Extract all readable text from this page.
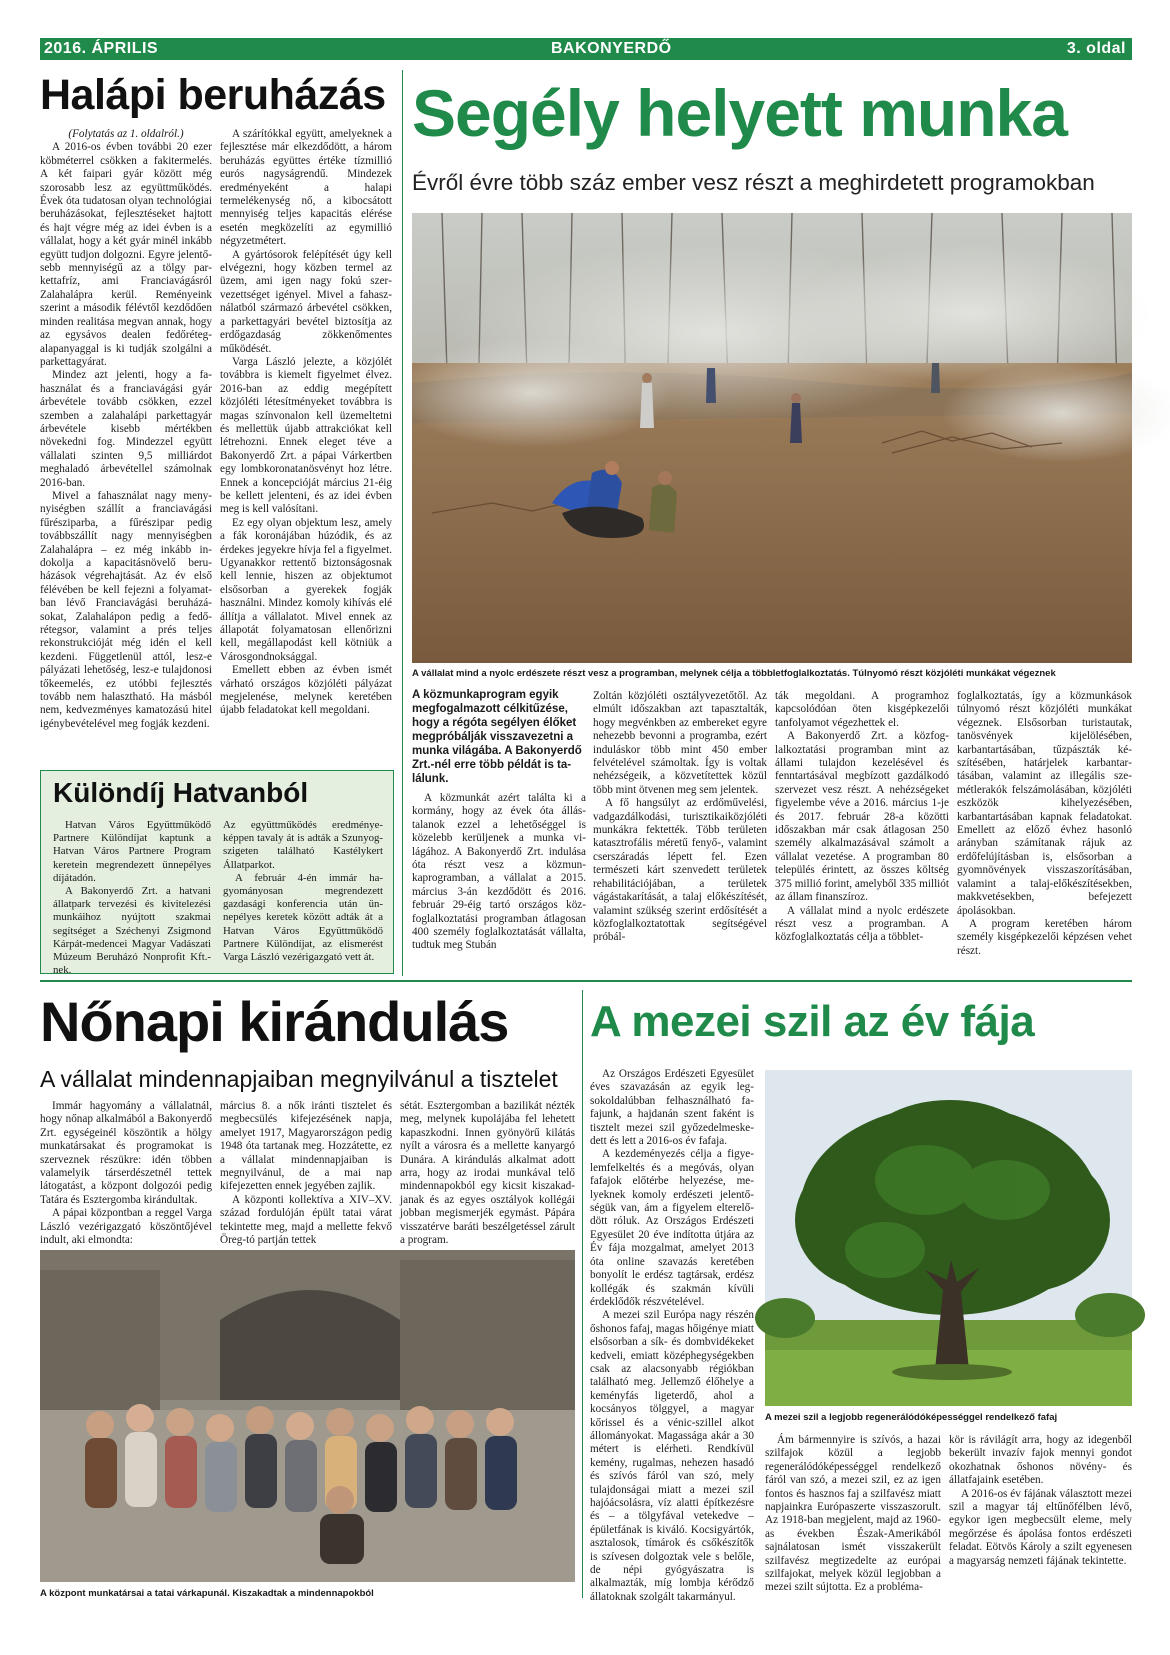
2016. ÁPRILIS	BAKONYERDŐ	3. oldal
Halápi beruházás

(Folytatás az 1. oldalról.)

A 2016-os évben további 20 ezer köbméterrel csökken a fakitermelés. A két faipari gyár között még szorosabb lesz az együttműködés. Évek óta tudatosan olyan technológiai beruházásokat, fejlesztéseket hajtott és hajt végre még az idei évben is a vállalat, hogy a két gyár minél inkább együtt tudjon dolgozni. Egyre jelentősebb mennyiségű az a tölgy parkettafríz, ami Franciavágásról Zalahalápra kerül. Reményeink szerint a második félévtől kezdődően minden realitása megvan annak, hogy az egysávos dealen fedőréteg-alapanyaggal is ki tudják szolgálni a parkettagyárat.

Mindez azt jelenti, hogy a fahasználat és a franciavágási gyár árbevétele tovább csökken, ezzel szemben a zalahalápi parkettagyár árbevétele kisebb mértékben növekedni fog. Mindezzel együtt vállalati szinten 9,5 milliárdot meghaladó árbevétellel számolnak 2016-ban.

Mivel a fahasználat nagy menynyiségben szállít a franciavágási fűrésziparba, a fűrészipar pedig továbbszállít nagy mennyiségben Zalahalápra – ez még inkább indokolja a kapacitásnövelő beruházások végrehajtását. Az év első félévében be kell fejezni a folyamatban lévő Franciavágási beruházásokat, Zalahalápon pedig a fedőrétegsor, valamint a prés teljes rekonstrukcióját még idén el kell kezdeni. Függetlenül attól, lesz-e pályázati lehetőség, lesz-e tulajdonosi tőkeemelés, ez utóbbi fejlesztés tovább nem halasztható. Ha másból nem, kedvezményes kamatozású hitel igénybevételével meg fogják kezdeni.

A szárítókkal együtt, amelyeknek a fejlesztése már elkezdődött, a három beruházás együttes értéke tízmillió eurós nagyságrendű. Mindezek eredményeként a halapi termelékenység nő, a kibocsátott mennyiség teljes kapacitás elérése esetén megközelíti az egymillió négyzetmétert.

A gyártósorok felépítését úgy kell elvégezni, hogy közben termel az üzem, ami igen nagy fokú szervezettséget igényel. Mivel a fahasználatból származó árbevétel csökken, a parkettagyári bevétel biztosítja az erdőgazdaság zökkenőmentes működését.

Varga László jelezte, a közjólét továbbra is kiemelt figyelmet élvez. 2016-ban az eddig megépített közjóléti létesítményeket továbbra is magas színvonalon kell üzemeltetni és mellettük újabb attrakciókat kell létrehozni. Ennek eleget téve a Bakonyerdő Zrt. a pápai Várkertben egy lombkoronatanösvényt hoz létre. Ennek a koncepcióját március 21-éig be kellett jelenteni, és az idei évben meg is kell valósítani.

Ez egy olyan objektum lesz, amely a fák koronájában húzódik, és az érdekes jegyekre hívja fel a figyelmet. Ugyanakkor rettentő biztonságosnak kell lennie, hiszen az objektumot elsősorban a gyerekek fogják használni. Mindez komoly kihívás elé állítja a vállalatot. Mivel ennek az állapotát folyamatosan ellenőrizni kell, megállapodást kell kötniük a Városgondnoksággal.

Emellett ebben az évben ismét várható országos közjóléti pályázat megjelenése, melynek keretében újabb feladatokat kell megoldani.

Különdíj Hatvanból

Hatvan Város Együttműködő Partnere Különdíjat kaptunk a Hatvan Város Partnere Program keretein megrendezett ünnepélyes díjátadón.

A Bakonyerdő Zrt. a hatvani állatpark tervezési és kivitelezési munkáihoz nyújtott szakmai segítséget a Széchenyi Zsigmond Kárpát-medencei Magyar Vadászati Múzeum Beruházó Nonprofit Kft.-nek.

Az együttműködés eredményeképpen tavaly át is adták a Szunyog-szigeten található Kastélykert Állatparkot.

A február 4-én immár hagyományosan megrendezett gazdasági konferencia után ünnepélyes keretek között adták át a Hatvan Város Együttműködő Partnere Különdíjat, az elismerést Varga László vezérigazgató vett át.

Segély helyett munka
Évről évre több száz ember vesz részt a meghirdetett programokban
A vállalat mind a nyolc erdészete részt vesz a programban, melynek célja a többletfoglalkoztatás. Túlnyomó részt közjóléti munkákat végeznek

A közmunkaprogram egyik megfogalmazott célkitűzése, hogy a régóta segélyen élőket megpróbálják visszavezetni a munka világába. A Bakonyerdő Zrt.-nél erre több példát is találunk.

A közmunkát azért találta ki a kormány, hogy az évek óta állástalanok ezzel a lehetőséggel is közelebb kerüljenek a munka világához. A Bakonyerdő Zrt. indulása óta részt vesz a közmunkaprogramban, a vállalat a 2015. március 3-án kezdődött és 2016. február 29-éig tartó országos közfoglalkoztatási programban átlagosan 400 személy foglalkoztatását vállalta, tudtuk meg Stubán

Zoltán közjóléti osztályvezetőtől. Az elmúlt időszakban azt tapasztalták, hogy megvénkben az embereket egyre nehezebb bevonni a programba, ezért induláskor több mint 450 ember felvételével számoltak. Így is voltak nehézségeik, a közvetítettek közül több mint ötvenen meg sem jelentek.

A fő hangsúlyt az erdőművelési, vadgazdálkodási, turisztikaiközjóléti munkákra fektették. Több területen katasztrofális méretű fenyő-, valamint cserszáradás lépett fel. Ezen természeti kárt szenvedett területek rehabilitációjában, a területek vágástakarítását, a talaj előkészítését, valamint szükség szerint erdősítését a közfoglalkoztatottak segítségével próbál-

ták megoldani. A programhoz kapcsolódóan öten kisgépkezelői tanfolyamot végezhettek el.

A Bakonyerdő Zrt. a közfoglalkoztatási programban mint az állami tulajdon kezelésével és fenntartásával megbízott gazdálkodó szervezet vesz részt. A nehézségeket figyelembe véve a 2016. március 1-je és 2017. február 28-a közötti időszakban már csak átlagosan 250 személy alkalmazásával számolt a vállalat vezetése. A programban 80 település érintett, az összes költség 375 millió forint, amelyből 335 milliót az állam finanszíroz.

A vállalat mind a nyolc erdészete részt vesz a programban. A közfoglalkoztatás célja a többlet-

foglalkoztatás, így a közmunkások túlnyomó részt közjóléti munkákat végeznek. Elsősorban turistautak, tanösvények kijelölésében, karbantartásában, tűzpászták készítésében, határjelek karbantartásában, valamint az illegális szemétlerakók felszámolásában, közjóléti eszközök kihelyezésében, karbantartásában kapnak feladatokat. Emellett az előző évhez hasonló arányban számítanak rájuk az erdőfelújításban is, elsősorban a gyomnövények visszaszorításában, valamint a talaj-előkészítésekben, makkvetésekben, befejezett ápolásokban.

A program keretében három személy kisgépkezelői képzésen vehet részt.

Nőnapi kirándulás
A vállalat mindennapjaiban megnyilvánul a tisztelet

Immár hagyomány a vállalatnál, hogy nőnap alkalmából a Bakonyerdő Zrt. egységeinél köszöntik a hölgy munkatársakat és programokat is szerveznek részükre: idén többen valamelyik társerdészetnél tettek látogatást, a központ dolgozói pedig Tatára és Esztergomba kirándultak.

A pápai központban a reggel Varga László vezérigazgató köszöntőjével indult, aki elmondta:

március 8. a nők iránti tisztelet és megbecsülés kifejezésének napja, amelyet 1917, Magyarországon pedig 1948 óta tartanak meg. Hozzátette, ez a vállalat mindennapjaiban is megnyilvánul, de a mai nap kifejezetten ennek jegyében zajlik.

A központi kollektíva a XIV–XV. század fordulóján épült tatai várat tekintette meg, majd a mellette fekvő Öreg-tó partján tettek

sétát. Esztergomban a bazilikát nézték meg, melynek kupolájába fel lehetett kapaszkodni. Innen gyönyörű kilátás nyílt a városra és a mellette kanyargó Dunára. A kirándulás alkalmat adott arra, hogy az irodai munkával telő mindennapokból egy kicsit kiszakadjanak és az egyes osztályok kollégái jobban megismerjék egymást. Pápára visszatérve baráti beszélgetéssel zárult a program.

A központ munkatársai a tatai várkapunál. Kiszakadtak a mindennapokból
A mezei szil az év fája

Az Országos Erdészeti Egyesület éves szavazásán az egyik legsokoldalúbban felhasználható fafajunk, a hajdanán szent faként is tisztelt mezei szil győzedelmeskedett és lett a 2016-os év fafaja.

A kezdeményezés célja a figyelemfelkeltés és a megóvás, olyan fafajok előtérbe helyezése, melyeknek komoly erdészeti jelentőségük van, ám a figyelem elterelődött róluk. Az Országos Erdészeti Egyesület 20 éve indította útjára az Év fája mozgalmat, amelyet 2013 óta online szavazás keretében bonyolít le erdész tagtársak, erdész kollégák és szakmán kívüli érdeklődők részvételével.

A mezei szil Európa nagy részén őshonos fafaj, magas hőigénye miatt elsősorban a sík- és dombvidékeket kedveli, emiatt középhegységekben csak az alacsonyabb régiókban található meg. Jellemző élőhelye a keményfás ligeterdő, ahol a kocsányos tölggyel, a magyar kőrissel és a vénic-szillel alkot állományokat. Magassága akár a 30 métert is elérheti. Rendkívül kemény, rugalmas, nehezen hasadó és szívós fáról van szó, mely tulajdonságai miatt a mezei szil hajóácsolásra, víz alatti építkezésre és – a tölgyfával vetekedve – épületfának is kiváló. Kocsigyártók, asztalosok, tímárok és csőkészítők is szívesen dolgoztak vele s belőle, de népi gyógyászatra is alkalmazták, míg lombja kérődző állatoknak szolgált takarmányul.

A mezei szil a legjobb regenerálódóképességgel rendelkező fafaj

Ám bármennyire is szívós, a hazai szilfajok közül a legjobb regenerálódóképességgel rendelkező fáról van szó, a mezei szil, ez az igen fontos és hasznos faj a szilfavész miatt napjainkra Európaszerte visszaszorult. Az 1918-ban megjelent, majd az 1960-as években Észak-Amerikából sajnálatosan ismét visszakerült szilfavész megtizedelte az európai szilfajokat, melyek közül legjobban a mezei szilt sújtotta. Ez a probléma-

kör is rávilágít arra, hogy az idegenből bekerült invazív fajok mennyi gondot okozhatnak őshonos növény- és állatfajaink esetében.

A 2016-os év fájának választott mezei szil a magyar táj eltűnőfélben lévő, egykor igen megbecsült eleme, mely megőrzése és ápolása fontos erdészeti feladat. Eötvös Károly a szilt egyenesen a magyarság nemzeti fájának tekintette.
